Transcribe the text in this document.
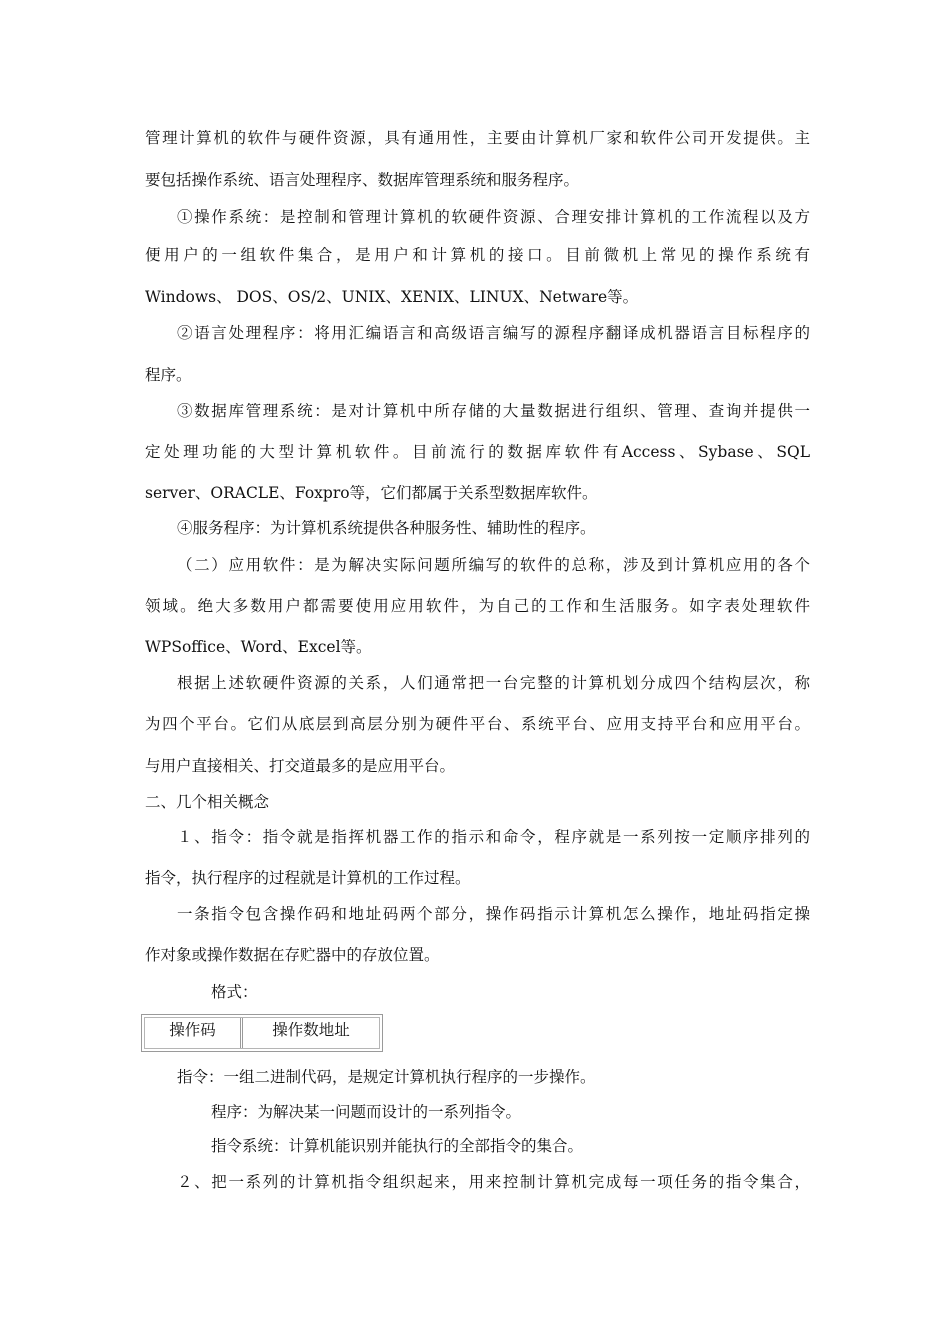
管理计算机的软件与硬件资源，具有通用性，主要由计算机厂家和软件公司开发提供。主
要包括操作系统、语言处理程序、数据库管理系统和服务程序。
①操作系统：是控制和管理计算机的软硬件资源、合理安排计算机的工作流程以及方
便用户的一组软件集合，是用户和计算机的接口。目前微机上常见的操作系统有
Windows、 DOS、OS/2、UNIX、XENIX、LINUX、Netware等。
②语言处理程序：将用汇编语言和高级语言编写的源程序翻译成机器语言目标程序的
程序。
③数据库管理系统：是对计算机中所存储的大量数据进行组织、管理、查询并提供一
定处理功能的大型计算机软件。目前流行的数据库软件有Access、Sybase、SQL
server、ORACLE、Foxpro等，它们都属于关系型数据库软件。
④服务程序：为计算机系统提供各种服务性、辅助性的程序。
（二）应用软件：是为解决实际问题所编写的软件的总称，涉及到计算机应用的各个
领域。绝大多数用户都需要使用应用软件，为自己的工作和生活服务。如字表处理软件
WPSoffice、Word、Excel等。
根据上述软硬件资源的关系，人们通常把一台完整的计算机划分成四个结构层次，称
为四个平台。它们从底层到高层分别为硬件平台、系统平台、应用支持平台和应用平台。
与用户直接相关、打交道最多的是应用平台。
二、几个相关概念
１、指令：指令就是指挥机器工作的指示和命令，程序就是一系列按一定顺序排列的
指令，执行程序的过程就是计算机的工作过程。
一条指令包含操作码和地址码两个部分，操作码指示计算机怎么操作，地址码指定操
作对象或操作数据在存贮器中的存放位置。
格式：
操作码	操作数地址
指令：一组二进制代码，是规定计算机执行程序的一步操作。
程序：为解决某一问题而设计的一系列指令。
指令系统：计算机能识别并能执行的全部指令的集合。
２、把一系列的计算机指令组织起来，用来控制计算机完成每一项任务的指令集合，
